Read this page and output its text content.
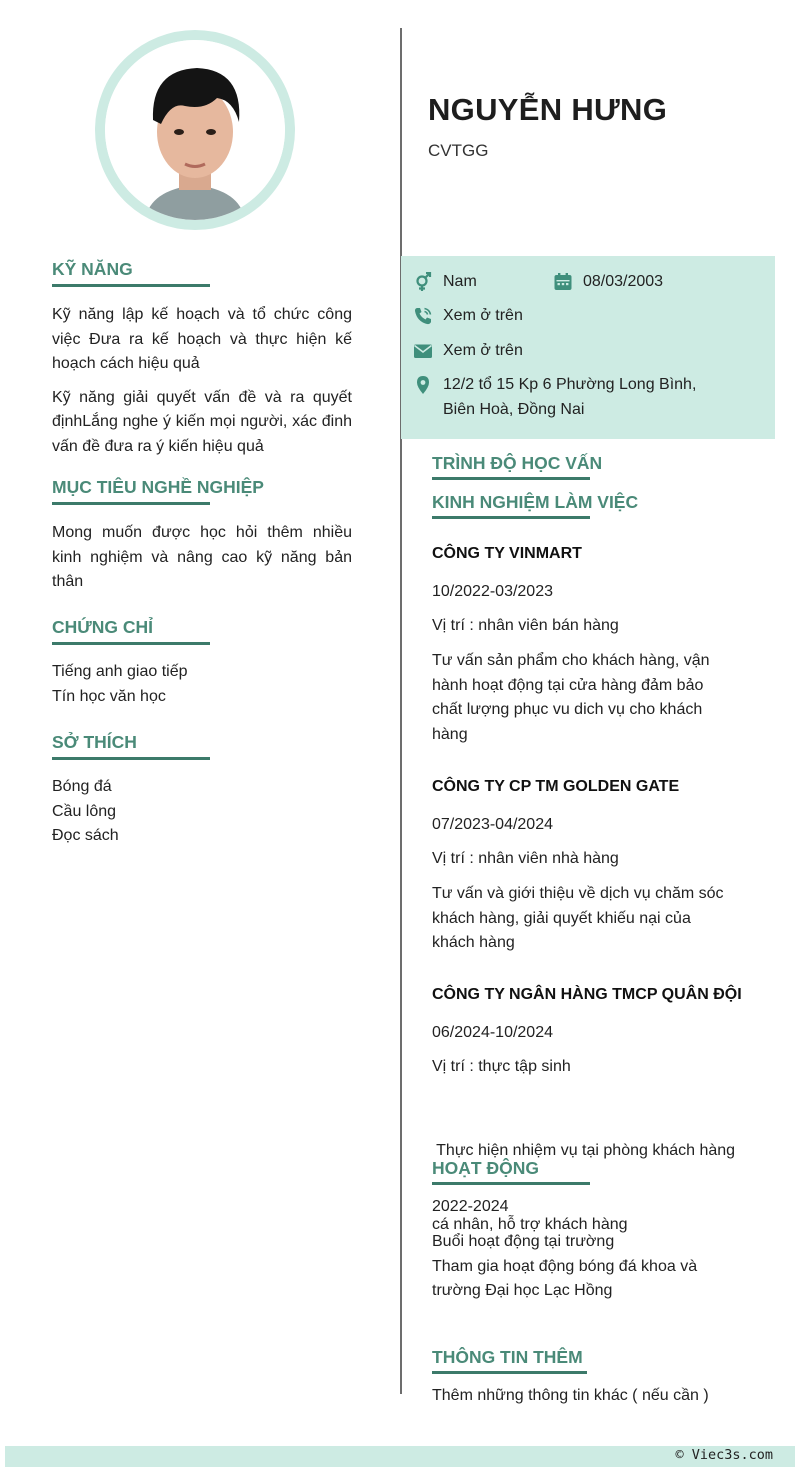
KỸ NĂNG

Kỹ năng lập kế hoạch và tổ chức công việc Đưa ra kế hoạch và thực hiện kế hoạch cách hiệu quả

Kỹ năng giải quyết vấn đề và ra quyết địnhLắng nghe ý kiến mọi người, xác đinh vấn đề đưa ra ý kiến hiệu quả

MỤC TIÊU NGHỀ NGHIỆP

Mong muốn được học hỏi thêm nhiều kinh nghiệm và nâng cao kỹ năng bản thân

CHỨNG CHỈ
Tiếng anh giao tiếp
Tín học văn học
SỞ THÍCH
Bóng đá
Cầu lông
Đọc sách
NGUYỄN HƯNG
CVTGG
Nam	08/03/2003
Xem ở trên
Xem ở trên
12/2 tổ 15 Kp 6 Phường Long Bình,
Biên Hoà, Đồng Nai
TRÌNH ĐỘ HỌC VẤN
KINH NGHIỆM LÀM VIỆC
CÔNG TY VINMART
10/2022-03/2023
Vị trí : nhân viên bán hàng
Tư vấn sản phẩm cho khách hàng, vận
hành hoạt động tại cửa hàng đảm bảo
chất lượng phục vu dich vụ cho khách
hàng
CÔNG TY CP TM GOLDEN GATE
07/2023-04/2024
Vị trí : nhân viên nhà hàng
Tư vấn và giới thiệu về dịch vụ chăm sóc
khách hàng, giải quyết khiếu nại của
khách hàng
CÔNG TY NGÂN HÀNG TMCP QUÂN ĐỘI
06/2024-10/2024
Vị trí : thực tập sinh

Thực hiện nhiệm vụ tại phòng khách hàng

cá nhân, hỗ trợ khách hàng

HOẠT ĐỘNG
2022-2024
Buổi hoạt động tại trường
Tham gia hoạt động bóng đá khoa và
trường Đại học Lạc Hồng
THÔNG TIN THÊM
Thêm những thông tin khác ( nếu cần )
© Viec3s.com
